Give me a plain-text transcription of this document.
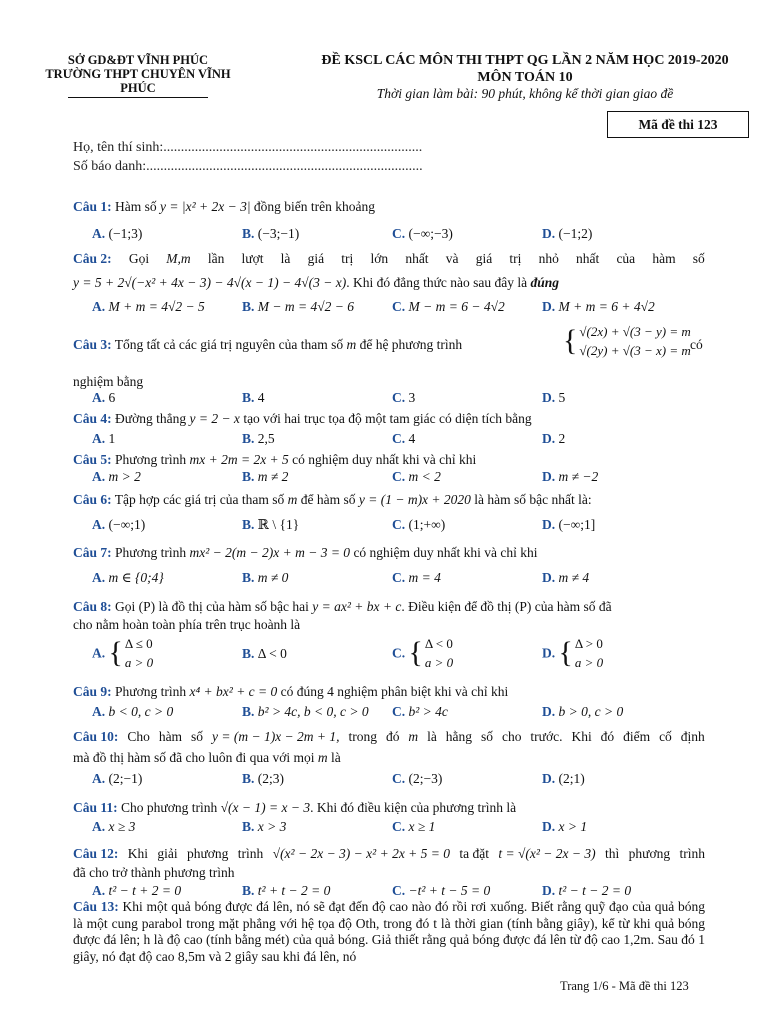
SỞ GD&ĐT VĨNH PHÚC
TRƯỜNG THPT CHUYÊN VĨNH PHÚC
ĐỀ KSCL CÁC MÔN THI THPT QG LẦN 2 NĂM HỌC 2019-2020
MÔN TOÁN 10
Thời gian làm bài: 90 phút, không kể thời gian giao đề
Mã đề thi 123
Họ, tên thí sinh:..........................................................................
Số báo danh:...............................................................................
Câu 1: Hàm số y = |x² + 2x − 3| đồng biến trên khoảng
A. (−1;3)	B. (−3;−1)	C. (−∞;−3)	D. (−1;2)
Câu 2: Gọi M,m lần lượt là giá trị lớn nhất và giá trị nhỏ nhất của hàm số
y = 5 + 2√(−x² + 4x − 3) − 4√(x − 1) − 4√(3 − x). Khi đó đẳng thức nào sau đây là đúng
A. M + m = 4√2 − 5	B. M − m = 4√2 − 6	C. M − m = 6 − 4√2	D. M + m = 6 + 4√2
Câu 3: Tổng tất cả các giá trị nguyên của tham số m để hệ phương trình	{ √(2x) + √(3 − y) = m
√(2y) + √(3 − x) = m có
nghiệm bằng
A. 6	B. 4	C. 3	D. 5
Câu 4: Đường thẳng y = 2 − x tạo với hai trục tọa độ một tam giác có diện tích bằng
A. 1	B. 2,5	C. 4	D. 2
Câu 5: Phương trình mx + 2m = 2x + 5 có nghiệm duy nhất khi và chỉ khi
A. m > 2	B. m ≠ 2	C. m < 2	D. m ≠ −2
Câu 6: Tập hợp các giá trị của tham số m để hàm số y = (1 − m)x + 2020 là hàm số bậc nhất là:
A. (−∞;1)	B. ℝ \ {1}	C. (1;+∞)	D. (−∞;1]
Câu 7: Phương trình mx² − 2(m − 2)x + m − 3 = 0 có nghiệm duy nhất khi và chỉ khi
A. m ∈ {0;4}	B. m ≠ 0	C. m = 4	D. m ≠ 4
Câu 8: Gọi (P) là đồ thị của hàm số bậc hai y = ax² + bx + c. Điều kiện để đồ thị (P) của hàm số đã
cho nằm hoàn toàn phía trên trục hoành là
A. { Δ ≤ 0
a > 0
B. Δ < 0	C. { Δ < 0
a > 0
D. { Δ > 0
a > 0
Câu 9: Phương trình x⁴ + bx² + c = 0 có đúng 4 nghiệm phân biệt khi và chỉ khi
A. b < 0, c > 0	B. b² > 4c, b < 0, c > 0 C. b² > 4c	D. b > 0, c > 0
Câu 10: Cho hàm số y = (m − 1)x − 2m + 1, trong đó m là hằng số cho trước. Khi đó điểm cố định
mà đồ thị hàm số đã cho luôn đi qua với mọi m là
A. (2;−1)	B. (2;3)	C. (2;−3)	D. (2;1)
Câu 11: Cho phương trình √(x − 1) = x − 3. Khi đó điều kiện của phương trình là
A. x ≥ 3	B. x > 3	C. x ≥ 1	D. x > 1
Câu 12: Khi giải phương trình √(x² − 2x − 3) − x² + 2x + 5 = 0 ta đặt t = √(x² − 2x − 3) thì phương trình
đã cho trở thành phương trình
A. t² − t + 2 = 0	B. t² + t − 2 = 0	C. −t² + t − 5 = 0	D. t² − t − 2 = 0
Câu 13: Khi một quả bóng được đá lên, nó sẽ đạt đến độ cao nào đó rồi rơi xuống. Biết rằng quỹ đạo của quả bóng là một cung parabol trong mặt phẳng với hệ tọa độ Oth, trong đó t là thời gian (tính bằng giây), kể từ khi quả bóng được đá lên; h là độ cao (tính bằng mét) của quả bóng. Giả thiết rằng quả bóng được đá lên từ độ cao 1,2m. Sau đó 1 giây, nó đạt độ cao 8,5m và 2 giây sau khi đá lên, nó
Trang 1/6 - Mã đề thi 123
